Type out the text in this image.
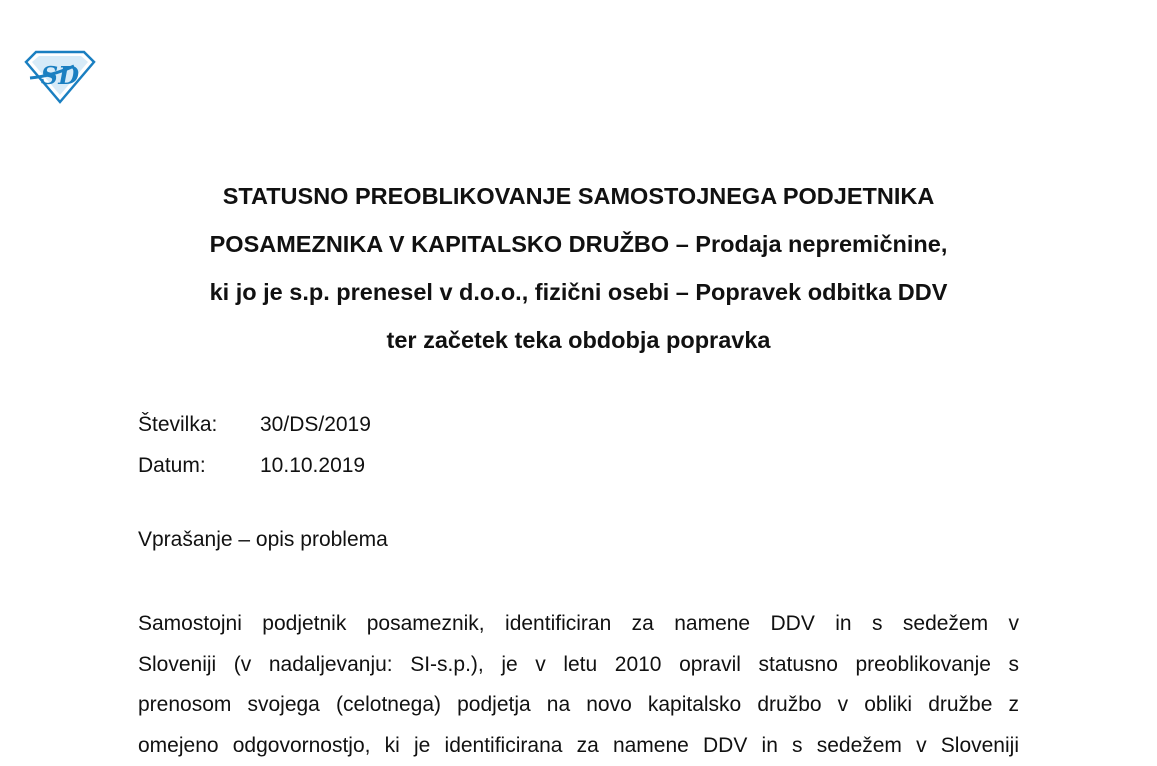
SD
STATUSNO PREOBLIKOVANJE SAMOSTOJNEGA PODJETNIKA
POSAMEZNIKA V KAPITALSKO DRUŽBO – Prodaja nepremičnine,
ki jo je s.p. prenesel v d.o.o., fizični osebi – Popravek odbitka DDV
ter začetek teka obdobja popravka
Številka:	30/DS/2019
Datum:	10.10.2019
Vprašanje – opis problema
Samostojni podjetnik posameznik, identificiran za namene DDV in s sedežem v
Sloveniji (v nadaljevanju: SI-s.p.), je v letu 2010 opravil statusno preoblikovanje s
prenosom svojega (celotnega) podjetja na novo kapitalsko družbo v obliki družbe z
omejeno odgovornostjo, ki je identificirana za namene DDV in s sedežem v Sloveniji
